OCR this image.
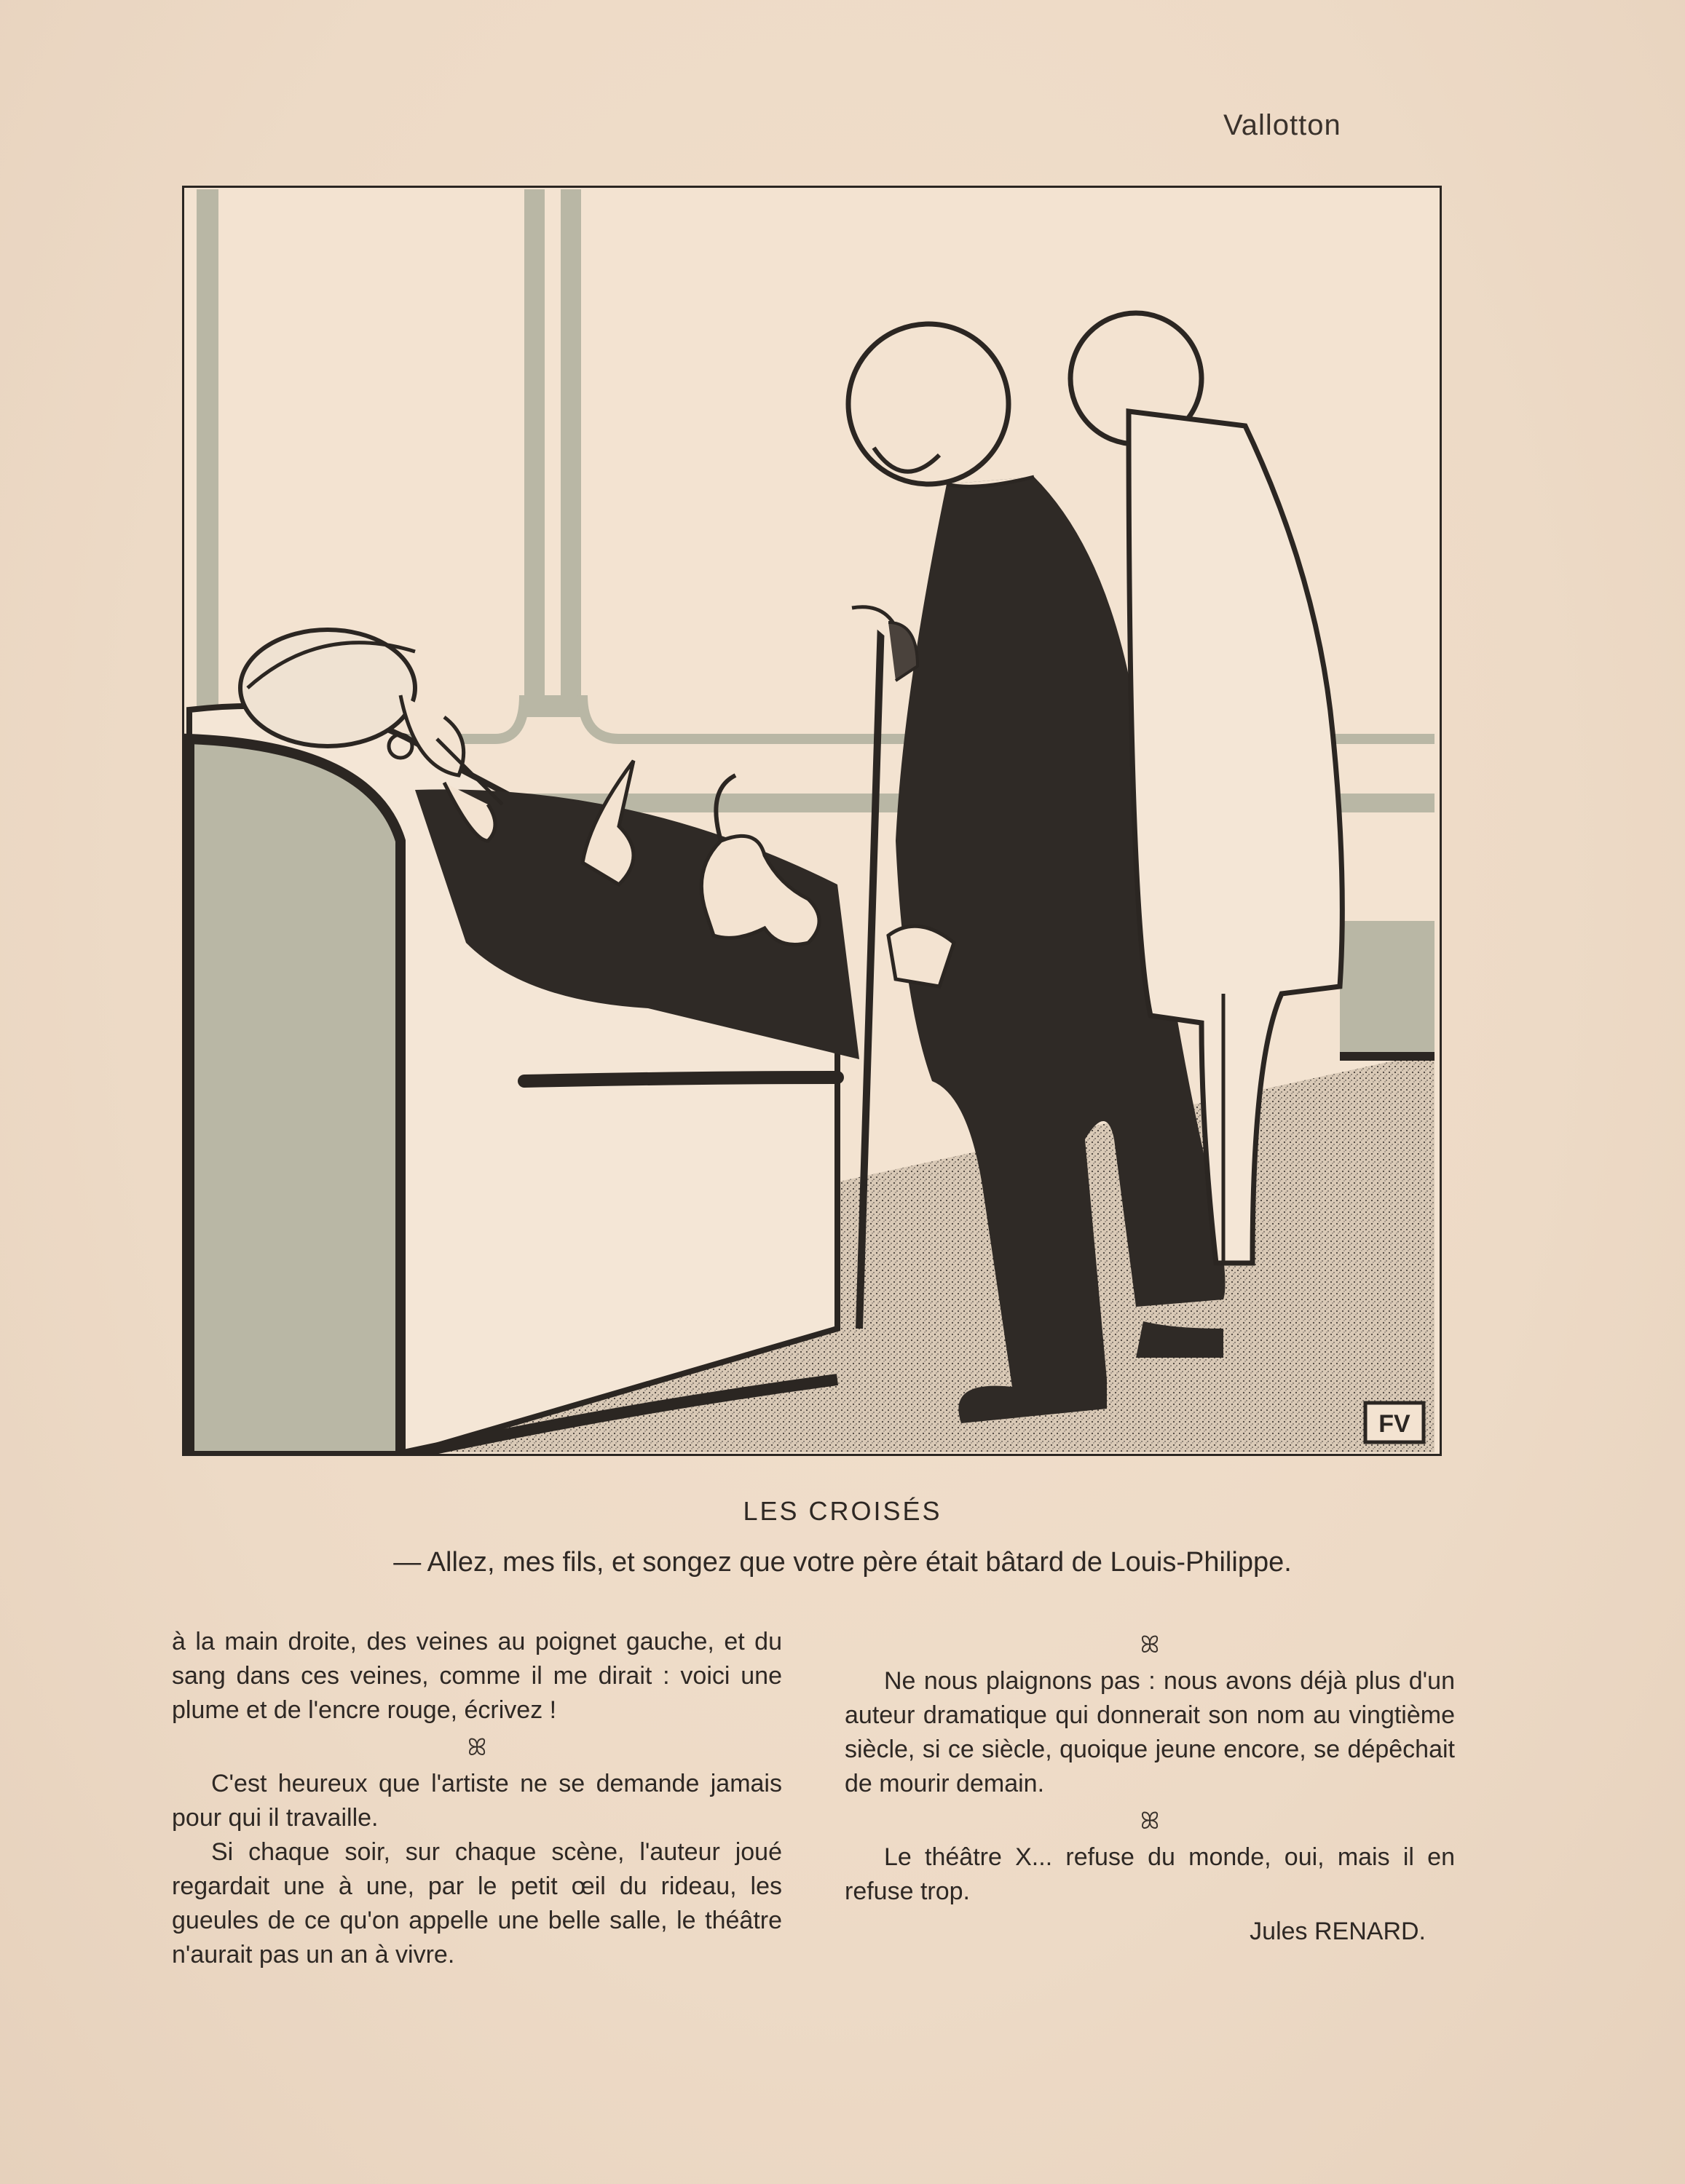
Vallotton
FV
LES CROISÉS
— Allez, mes fils, et songez que votre père était bâtard de Louis-Philippe.

à la main droite, des veines au poignet gauche, et du sang dans ces veines, comme il me dirait : voici une plume et de l'encre rouge, écrivez !

ꕤ

C'est heureux que l'artiste ne se demande jamais pour qui il travaille.

Si chaque soir, sur chaque scène, l'auteur joué regardait une à une, par le petit œil du rideau, les gueules de ce qu'on appelle une belle salle, le théâtre n'aurait pas un an à vivre.

ꕤ

Ne nous plaignons pas : nous avons déjà plus d'un auteur dramatique qui donnerait son nom au vingtième siècle, si ce siècle, quoique jeune encore, se dépêchait de mourir demain.

ꕤ

Le théâtre X... refuse du monde, oui, mais il en refuse trop.

Jules RENARD.
